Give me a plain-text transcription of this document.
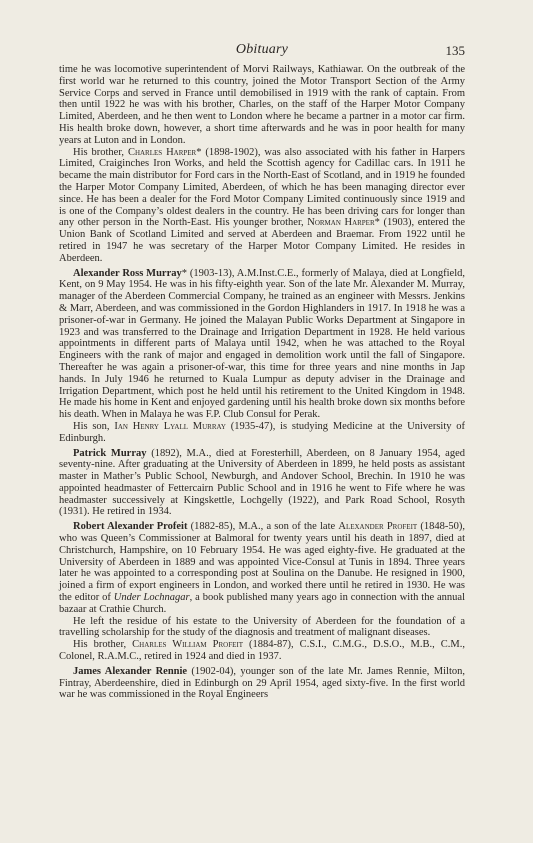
Obituary	135

time he was locomotive superintendent of Morvi Railways, Kathiawar. On the outbreak of the first world war he returned to this country, joined the Motor Transport Section of the Army Service Corps and served in France until demobilised in 1919 with the rank of captain. From then until 1922 he was with his brother, Charles, on the staff of the Harper Motor Company Limited, Aberdeen, and he then went to London where he became a partner in a motor car firm. His health broke down, however, a short time afterwards and he was in poor health for many years at Luton and in London.

His brother, Charles Harper* (1898-1902), was also associated with his father in Harpers Limited, Craiginches Iron Works, and held the Scottish agency for Cadillac cars. In 1911 he became the main distributor for Ford cars in the North-East of Scotland, and in 1919 he founded the Harper Motor Company Limited, Aberdeen, of which he has been managing director ever since. He has been a dealer for the Ford Motor Company Limited continuously since 1919 and is one of the Company’s oldest dealers in the country. He has been driving cars for longer than any other person in the North-East. His younger brother, Norman Harper* (1903), entered the Union Bank of Scotland Limited and served at Aberdeen and Braemar. From 1922 until he retired in 1947 he was secretary of the Harper Motor Company Limited. He resides in Aberdeen.

Alexander Ross Murray* (1903-13), A.M.Inst.C.E., formerly of Malaya, died at Longfield, Kent, on 9 May 1954. He was in his fifty-eighth year. Son of the late Mr. Alexander M. Murray, manager of the Aberdeen Commercial Company, he trained as an engineer with Messrs. Jenkins & Marr, Aberdeen, and was commissioned in the Gordon Highlanders in 1917. In 1918 he was a prisoner-of-war in Germany. He joined the Malayan Public Works Department at Singapore in 1923 and was transferred to the Drainage and Irrigation Department in 1928. He held various appointments in different parts of Malaya until 1942, when he was attached to the Royal Engineers with the rank of major and engaged in demolition work until the fall of Singapore. Thereafter he was again a prisoner-of-war, this time for three years and nine months in Jap hands. In July 1946 he returned to Kuala Lumpur as deputy adviser in the Drainage and Irrigation Department, which post he held until his retirement to the United Kingdom in 1948. He made his home in Kent and enjoyed gardening until his health broke down six months before his death. When in Malaya he was F.P. Club Consul for Perak.

His son, Ian Henry Lyall Murray (1935-47), is studying Medicine at the University of Edinburgh.

Patrick Murray (1892), M.A., died at Foresterhill, Aberdeen, on 8 January 1954, aged seventy-nine. After graduating at the University of Aberdeen in 1899, he held posts as assistant master in Mather’s Public School, Newburgh, and Andover School, Brechin. In 1910 he was appointed headmaster of Fettercairn Public School and in 1916 he went to Fife where he was headmaster successively at Kingskettle, Lochgelly (1922), and Park Road School, Rosyth (1931). He retired in 1934.

Robert Alexander Profeit (1882-85), M.A., a son of the late Alexander Profeit (1848-50), who was Queen’s Commissioner at Balmoral for twenty years until his death in 1897, died at Christchurch, Hampshire, on 10 February 1954. He was aged eighty-five. He graduated at the University of Aberdeen in 1889 and was appointed Vice-Consul at Tunis in 1894. Three years later he was appointed to a corresponding post at Soulina on the Danube. He resigned in 1900, joined a firm of export engineers in London, and worked there until he retired in 1930. He was the editor of Under Lochnagar, a book published many years ago in connection with the annual bazaar at Crathie Church.

He left the residue of his estate to the University of Aberdeen for the foundation of a travelling scholarship for the study of the diagnosis and treatment of malignant diseases.

His brother, Charles William Profeit (1884-87), C.S.I., C.M.G., D.S.O., M.B., C.M., Colonel, R.A.M.C., retired in 1924 and died in 1937.

James Alexander Rennie (1902-04), younger son of the late Mr. James Rennie, Milton, Fintray, Aberdeenshire, died in Edinburgh on 29 April 1954, aged sixty-five. In the first world war he was commissioned in the Royal Engineers
